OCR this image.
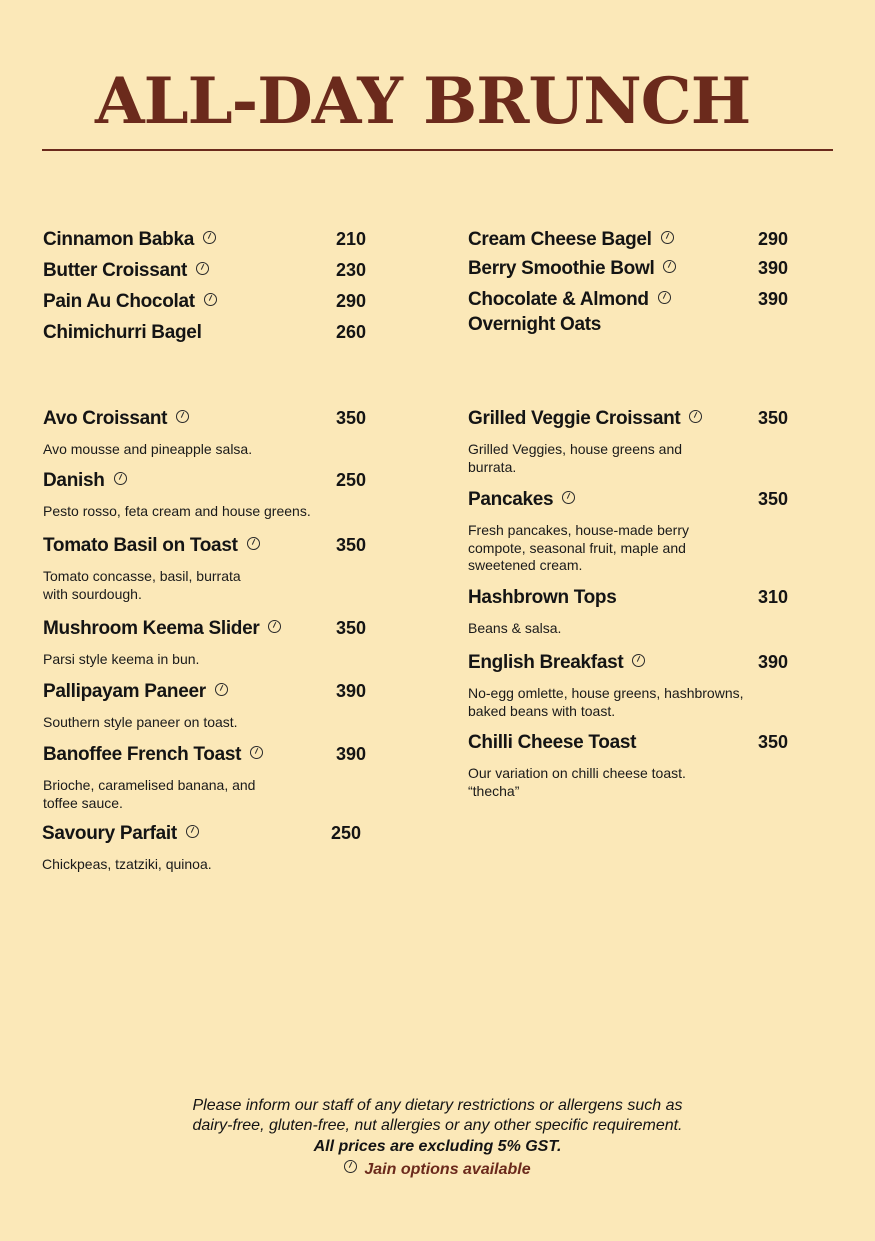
ALL-DAY BRUNCH
Cinnamon Babka	210
Butter Croissant	230
Pain Au Chocolat	290
Chimichurri Bagel	260
Cream Cheese Bagel	290
Berry Smoothie Bowl	390
Chocolate & Almond
Overnight Oats
390
Avo Croissant	350
Avo mousse and pineapple salsa.
Danish	250
Pesto rosso, feta cream and house greens.
Tomato Basil on Toast	350
Tomato concasse, basil, burrata
with sourdough.
Mushroom Keema Slider	350
Parsi style keema in bun.
Pallipayam Paneer	390
Southern style paneer on toast.
Banoffee French Toast	390
Brioche, caramelised banana, and
toffee sauce.
Savoury Parfait	250
Chickpeas, tzatziki, quinoa.
Grilled Veggie Croissant	350
Grilled Veggies, house greens and
burrata.
Pancakes	350
Fresh pancakes, house-made berry
compote, seasonal fruit, maple and
sweetened cream.
Hashbrown Tops	310
Beans & salsa.
English Breakfast	390
No-egg omlette, house greens, hashbrowns,
baked beans with toast.
Chilli Cheese Toast	350
Our variation on chilli cheese toast.
“thecha”
Please inform our staff of any dietary restrictions or allergens such as
dairy-free, gluten-free, nut allergies or any other specific requirement.
All prices are excluding 5% GST.
Jain options available
